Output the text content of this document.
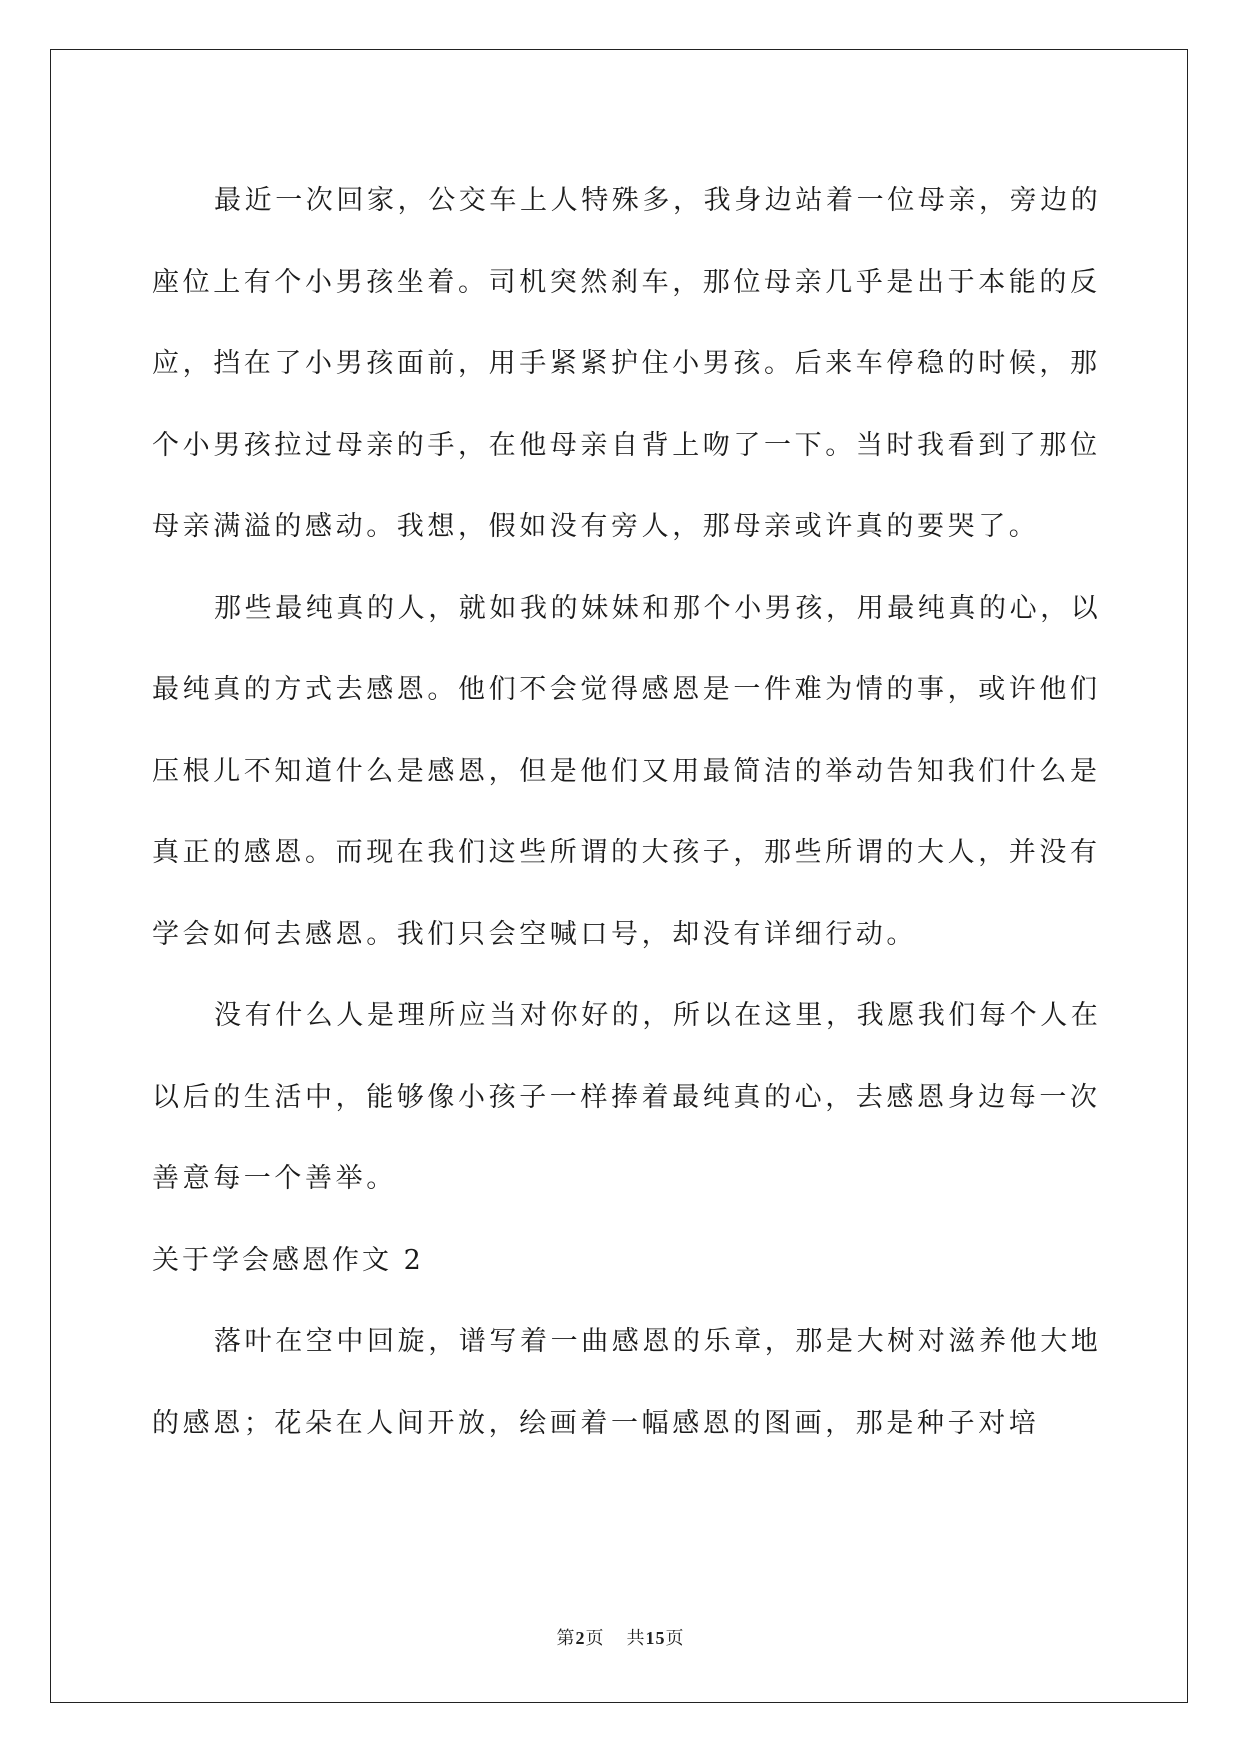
最近一次回家，公交车上人特殊多，我身边站着一位母亲，旁边的座位上有个小男孩坐着。司机突然刹车，那位母亲几乎是出于本能的反应，挡在了小男孩面前，用手紧紧护住小男孩。后来车停稳的时候，那个小男孩拉过母亲的手，在他母亲自背上吻了一下。当时我看到了那位母亲满溢的感动。我想，假如没有旁人，那母亲或许真的要哭了。

那些最纯真的人，就如我的妹妹和那个小男孩，用最纯真的心，以最纯真的方式去感恩。他们不会觉得感恩是一件难为情的事，或许他们压根儿不知道什么是感恩，但是他们又用最简洁的举动告知我们什么是真正的感恩。而现在我们这些所谓的大孩子，那些所谓的大人，并没有学会如何去感恩。我们只会空喊口号，却没有详细行动。

没有什么人是理所应当对你好的，所以在这里，我愿我们每个人在以后的生活中，能够像小孩子一样捧着最纯真的心，去感恩身边每一次善意每一个善举。

关于学会感恩作文 2

落叶在空中回旋，谱写着一曲感恩的乐章，那是大树对滋养他大地的感恩；花朵在人间开放，绘画着一幅感恩的图画，那是种子对培

第2页 共15页
